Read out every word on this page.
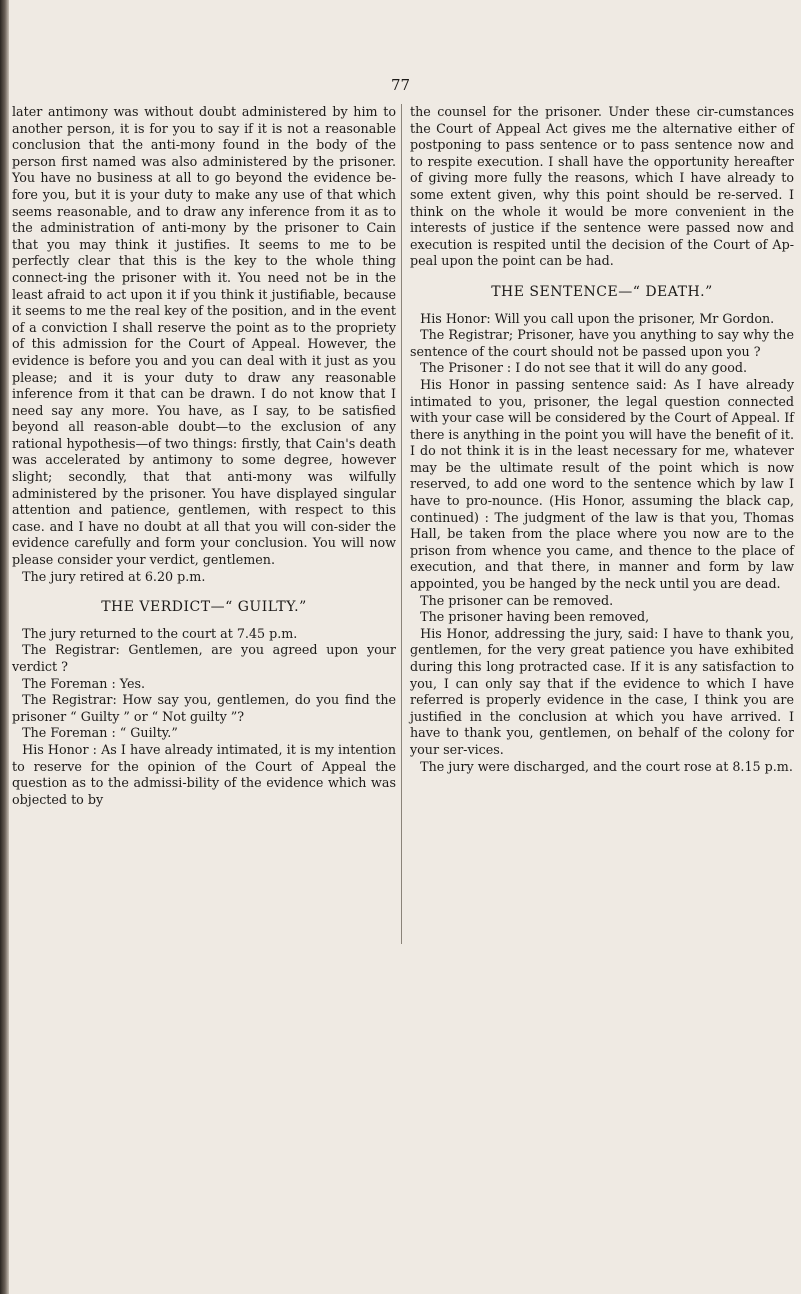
77

later antimony was without doubt administered by him to another person, it is for you to say if it is not a reasonable conclusion that the anti-mony found in the body of the person first named was also administered by the prisoner. You have no business at all to go beyond the evidence be-fore you, but it is your duty to make any use of that which seems reasonable, and to draw any inference from it as to the administration of anti-mony by the prisoner to Cain that you may think it justifies. It seems to me to be perfectly clear that this is the key to the whole thing connect-ing the prisoner with it. You need not be in the least afraid to act upon it if you think it justifiable, because it seems to me the real key of the position, and in the event of a conviction I shall reserve the point as to the propriety of this admission for the Court of Appeal. However, the evidence is before you and you can deal with it just as you please; and it is your duty to draw any reasonable inference from it that can be drawn. I do not know that I need say any more. You have, as I say, to be satisfied beyond all reason-able doubt—to the exclusion of any rational hypothesis—of two things: firstly, that Cain's death was accelerated by antimony to some degree, however slight; secondly, that that anti-mony was wilfully administered by the prisoner. You have displayed singular attention and patience, gentlemen, with respect to this case. and I have no doubt at all that you will con-sider the evidence carefully and form your conclusion. You will now please consider your verdict, gentlemen.

The jury retired at 6.20 p.m.

THE VERDICT—“ GUILTY.”

The jury returned to the court at 7.45 p.m.

The Registrar: Gentlemen, are you agreed upon your verdict ?

The Foreman : Yes.

The Registrar: How say you, gentlemen, do you find the prisoner “ Guilty ” or “ Not guilty ”?

The Foreman : “ Guilty.”

His Honor : As I have already intimated, it is my intention to reserve for the opinion of the Court of Appeal the question as to the admissi-bility of the evidence which was objected to by

the counsel for the prisoner. Under these cir-cumstances the Court of Appeal Act gives me the alternative either of postponing to pass sentence or to pass sentence now and to respite execution. I shall have the opportunity hereafter of giving more fully the reasons, which I have already to some extent given, why this point should be re-served. I think on the whole it would be more convenient in the interests of justice if the sentence were passed now and execution is respited until the decision of the Court of Ap-peal upon the point can be had.

THE SENTENCE—“ DEATH.”

His Honor: Will you call upon the prisoner, Mr Gordon.

The Registrar; Prisoner, have you anything to say why the sentence of the court should not be passed upon you ?

The Prisoner : I do not see that it will do any good.

His Honor in passing sentence said: As I have already intimated to you, prisoner, the legal question connected with your case will be considered by the Court of Appeal. If there is anything in the point you will have the benefit of it. I do not think it is in the least necessary for me, whatever may be the ultimate result of the point which is now reserved, to add one word to the sentence which by law I have to pro-nounce. (His Honor, assuming the black cap, continued) : The judgment of the law is that you, Thomas Hall, be taken from the place where you now are to the prison from whence you came, and thence to the place of execution, and that there, in manner and form by law appointed, you be hanged by the neck until you are dead.

The prisoner can be removed.

The prisoner having been removed,

His Honor, addressing the jury, said: I have to thank you, gentlemen, for the very great patience you have exhibited during this long protracted case. If it is any satisfaction to you, I can only say that if the evidence to which I have referred is properly evidence in the case, I think you are justified in the conclusion at which you have arrived. I have to thank you, gentlemen, on behalf of the colony for your ser-vices.

The jury were discharged, and the court rose at 8.15 p.m.
